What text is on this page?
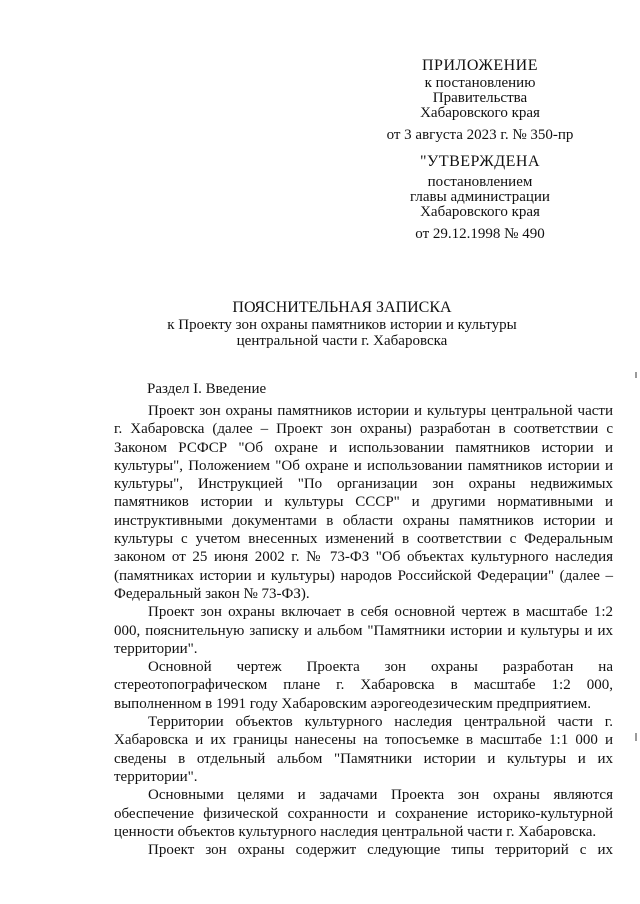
ПРИЛОЖЕНИЕ
к постановлению
Правительства
Хабаровского края
от 3 августа 2023 г. № 350-пр
"УТВЕРЖДЕНА
постановлением
главы администрации
Хабаровского края
от 29.12.1998 № 490
ПОЯСНИТЕЛЬНАЯ ЗАПИСКА
к Проекту зон охраны памятников истории и культуры
центральной части г. Хабаровска
Раздел I. Введение

Проект зон охраны памятников истории и культуры центральной части г. Хабаровска (далее – Проект зон охраны) разработан в соответствии с Законом РСФСР "Об охране и использовании памятников истории и культуры", Положением "Об охране и использовании памятников истории и культуры", Инструкцией "По организации зон охраны недвижимых памятников истории и культуры СССР" и другими нормативными и инструктивными документами в области охраны памятников истории и культуры с учетом внесенных изменений в соответствии с Федеральным законом от 25 июня 2002 г. № 73-ФЗ "Об объектах культурного наследия (памятниках истории и культуры) народов Российской Федерации" (далее – Федеральный закон № 73-ФЗ).

Проект зон охраны включает в себя основной чертеж в масштабе 1:2 000, пояснительную записку и альбом "Памятники истории и культуры и их территории".

Основной чертеж Проекта зон охраны разработан на стереотопографическом плане г. Хабаровска в масштабе 1:2 000, выполненном в 1991 году Хабаровским аэрогеодезическим предприятием.

Территории объектов культурного наследия центральной части г. Хабаровска и их границы нанесены на топосъемке в масштабе 1:1 000 и сведены в отдельный альбом "Памятники истории и культуры и их территории".

Основными целями и задачами Проекта зон охраны являются обеспечение физической сохранности и сохранение историко-культурной ценности объектов культурного наследия центральной части г. Хабаровска.

Проект зон охраны содержит следующие типы территорий с их
